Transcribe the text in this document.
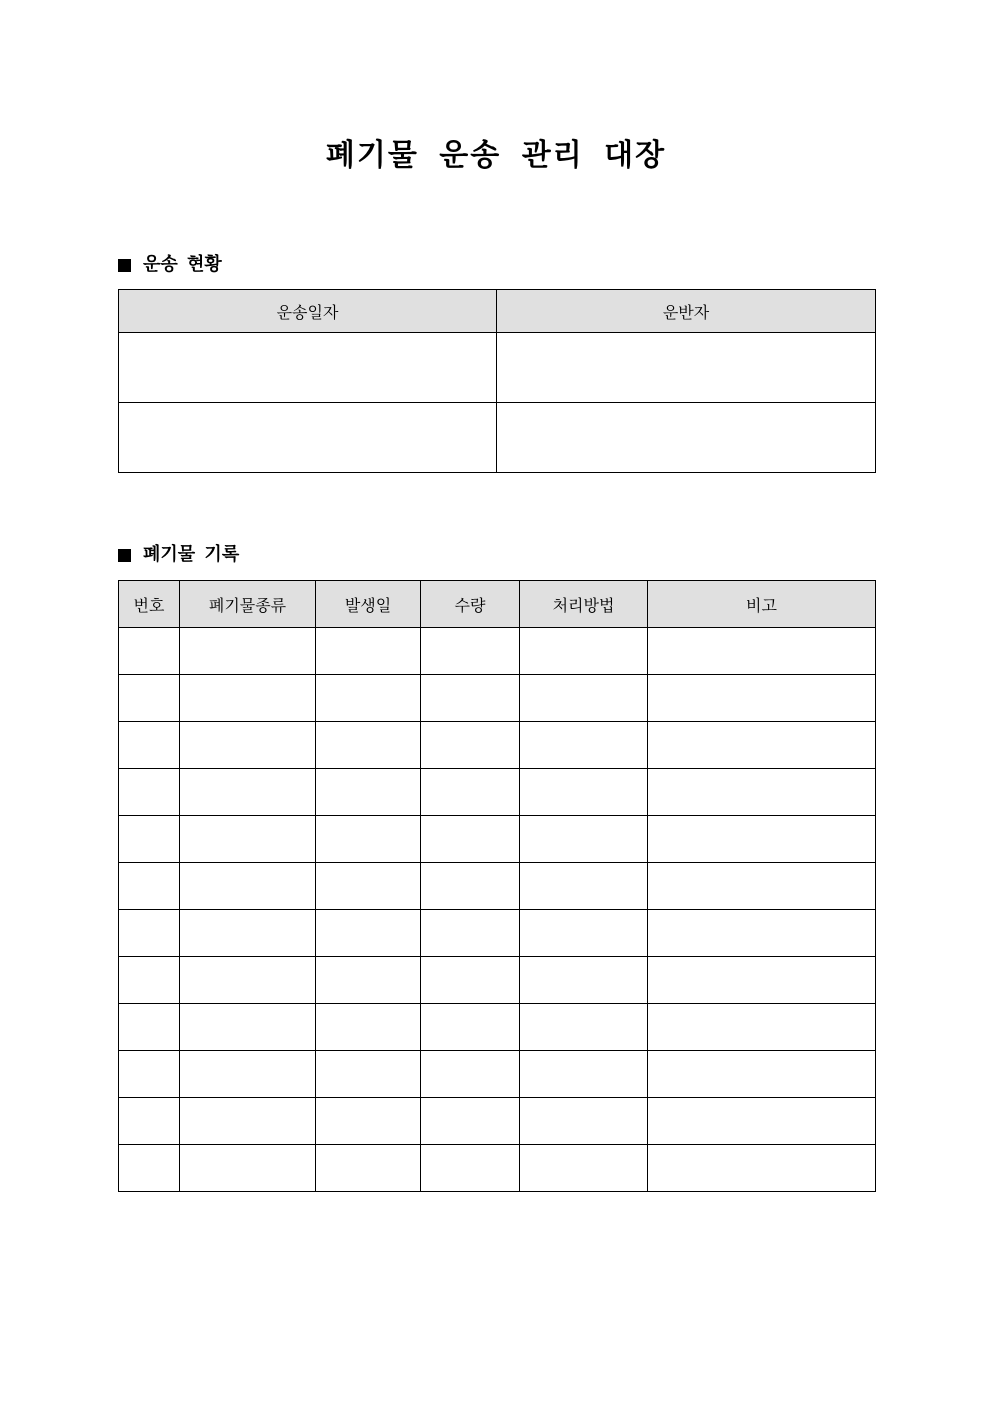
폐기물 운송 관리 대장
운송 현황
운송일자	운반자

폐기물 기록
번호	폐기물종류	발생일	수량	처리방법	비고
